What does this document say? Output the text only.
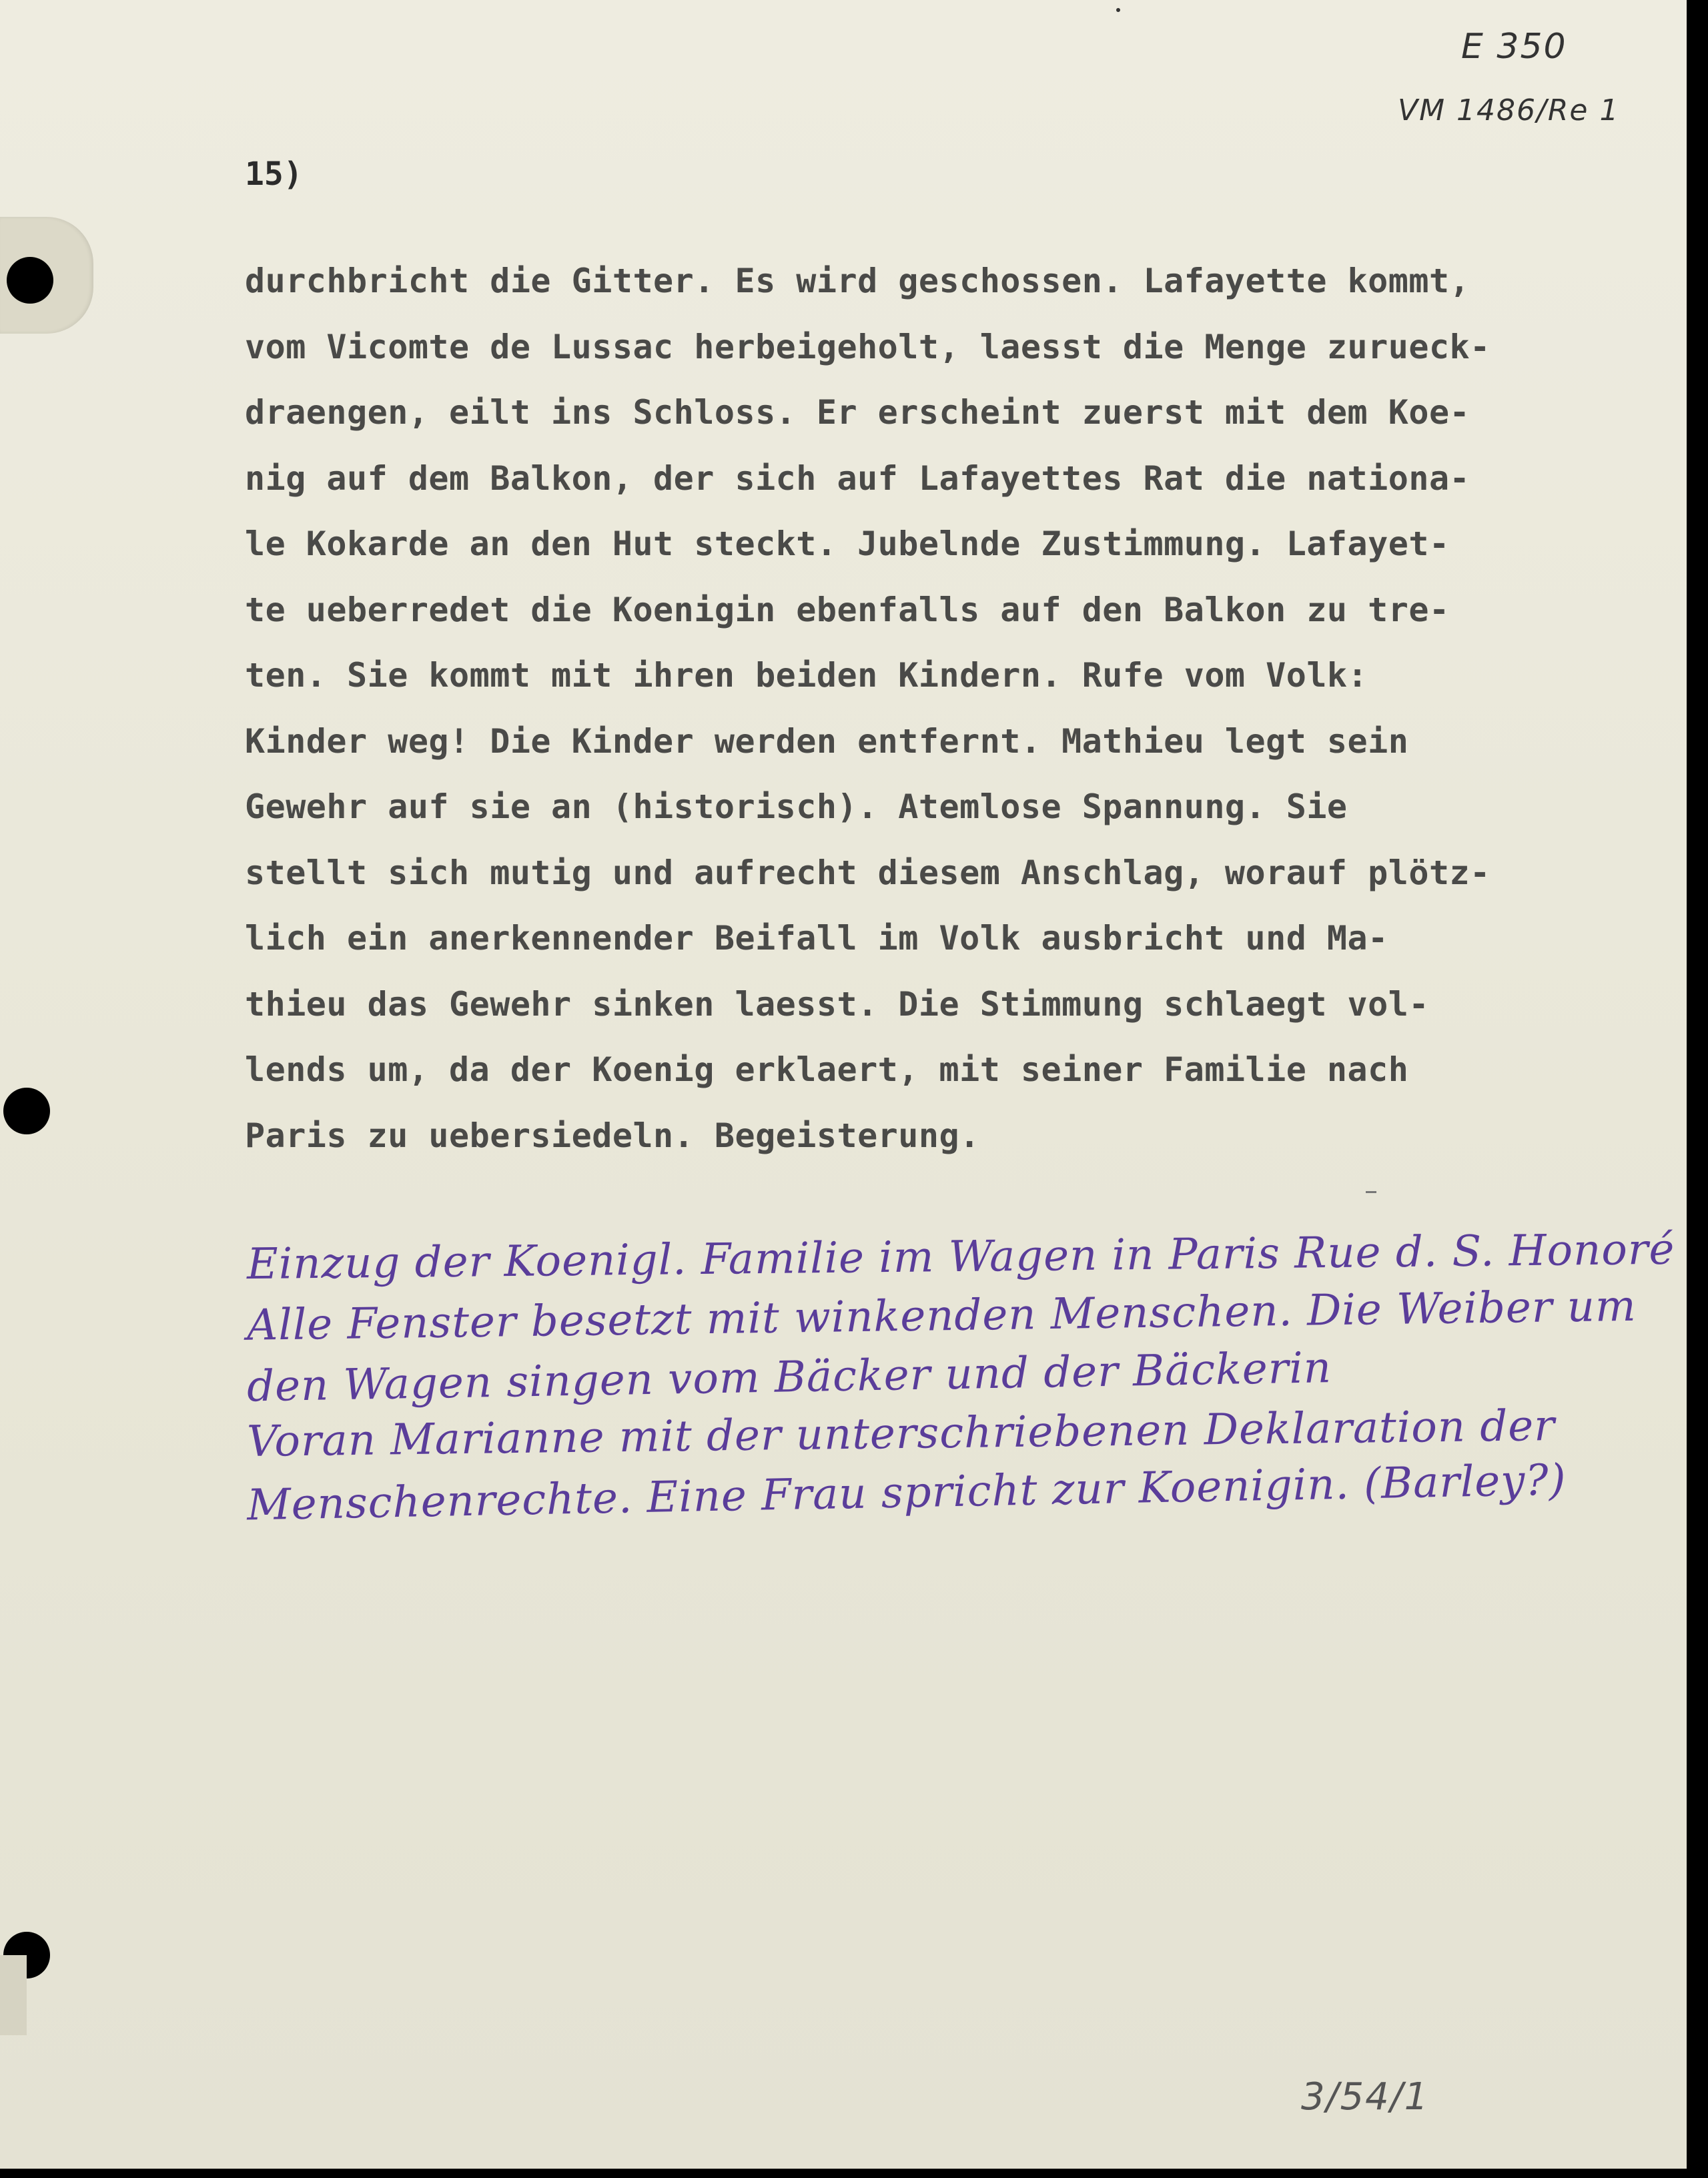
E 350
VM 1486/Re 1
15)
durchbricht die Gitter. Es wird geschossen. Lafayette kommt,
vom Vicomte de Lussac herbeigeholt, laesst die Menge zurueck-
draengen, eilt ins Schloss. Er erscheint zuerst mit dem Koe-
nig auf dem Balkon, der sich auf Lafayettes Rat die nationa-
le Kokarde an den Hut steckt. Jubelnde Zustimmung. Lafayet-
te ueberredet die Koenigin ebenfalls auf den Balkon zu tre-
ten. Sie kommt mit ihren beiden Kindern. Rufe vom Volk:
Kinder weg! Die Kinder werden entfernt. Mathieu legt sein
Gewehr auf sie an (historisch). Atemlose Spannung. Sie
stellt sich mutig und aufrecht diesem Anschlag, worauf plötz-
lich ein anerkennender Beifall im Volk ausbricht und Ma-
thieu das Gewehr sinken laesst. Die Stimmung schlaegt vol-
lends um, da der Koenig erklaert, mit seiner Familie nach
Paris zu uebersiedeln. Begeisterung.
Einzug der Koenigl. Familie im Wagen in Paris Rue d. S. Honoré
Alle Fenster besetzt mit winkenden Menschen. Die Weiber um
den Wagen singen vom Bäcker und der Bäckerin
Voran Marianne mit der unterschriebenen Deklaration der
Menschenrechte. Eine Frau spricht zur Koenigin. (Barley?)
3/54/1
